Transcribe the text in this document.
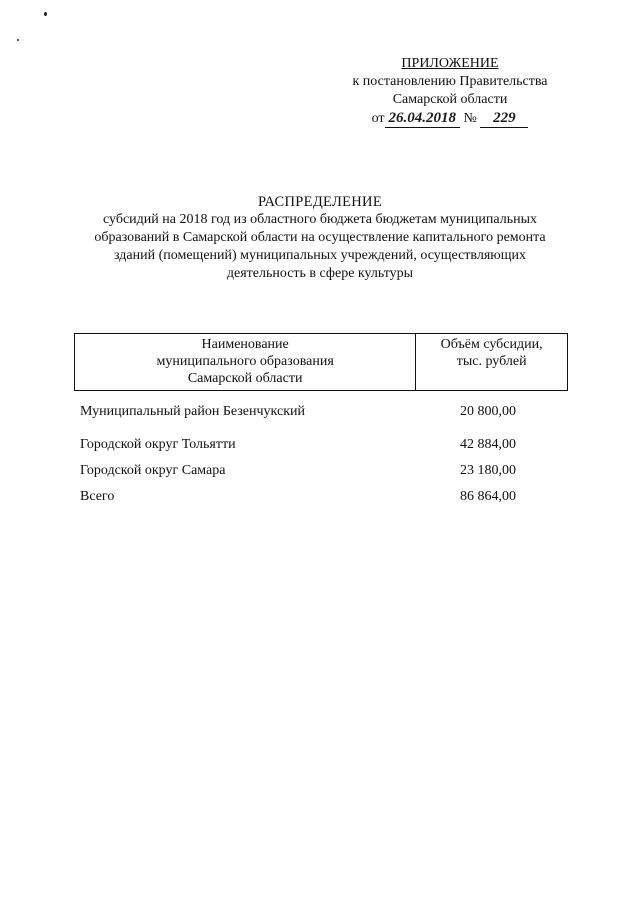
ПРИЛОЖЕНИЕ
к постановлению Правительства
Самарской области
от 26.04.2018 № 229
РАСПРЕДЕЛЕНИЕ
субсидий на 2018 год из областного бюджета бюджетам муниципальных
образований в Самарской области на осуществление капитального ремонта
зданий (помещений) муниципальных учреждений, осуществляющих
деятельность в сфере культуры
Наименование
муниципального образования
Самарской области

Объём субсидии,
тыс. рублей
Муниципальный район Безенчукский	20 800,00
Городской округ Тольятти	42 884,00
Городской округ Самара	23 180,00
Всего	86 864,00
